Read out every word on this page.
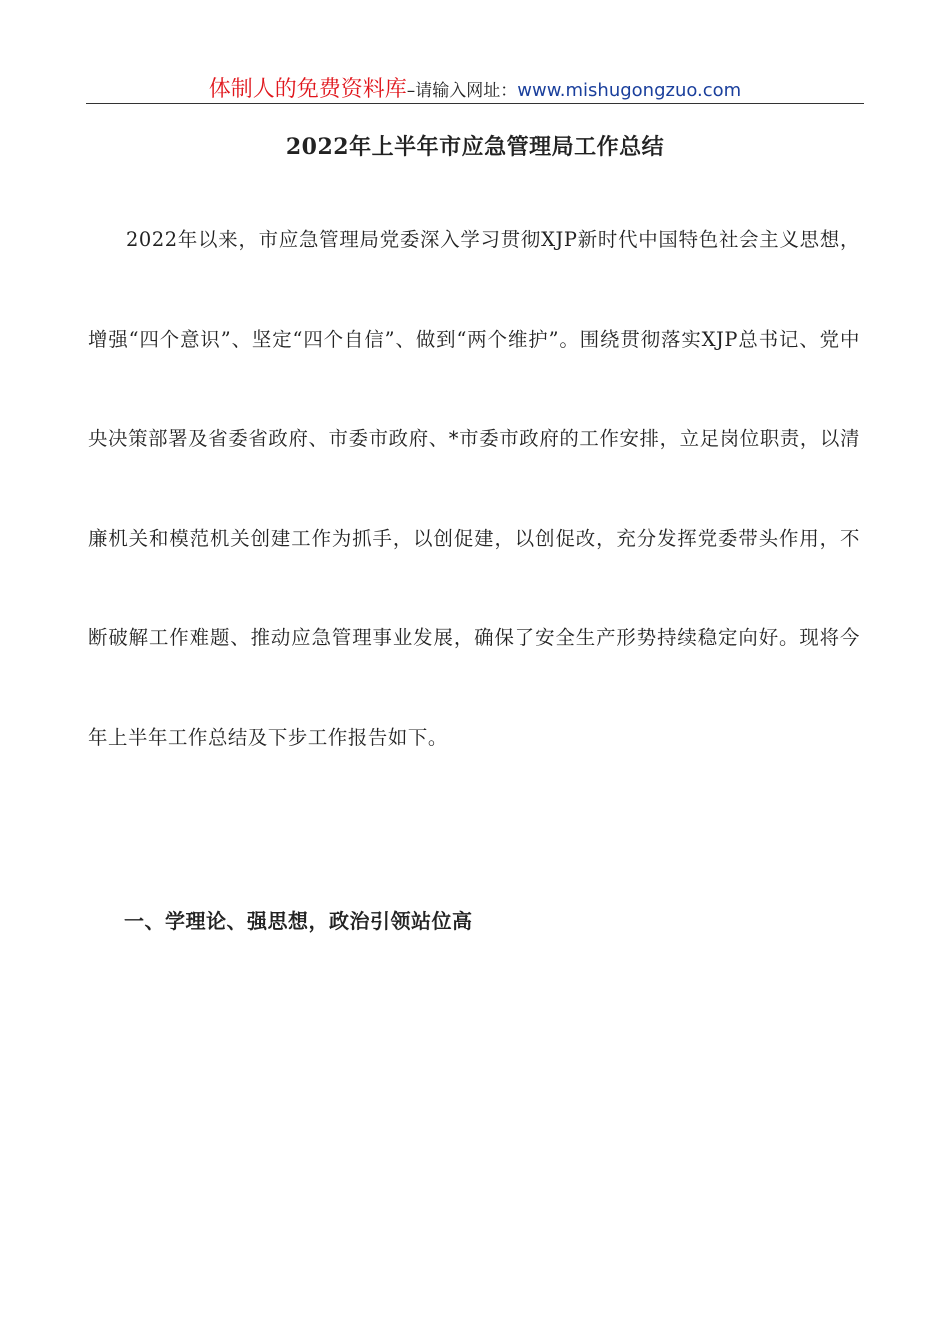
体制人的免费资料库–请输入网址：www.mishugongzuo.com
2022年上半年市应急管理局工作总结

2022年以来，市应急管理局党委深入学习贯彻XJP新时代中国特色社会主义思想，增强“四个意识”、坚定“四个自信”、做到“两个维护”。围绕贯彻落实XJP总书记、党中央决策部署及省委省政府、市委市政府、*市委市政府的工作安排，立足岗位职责，以清廉机关和模范机关创建工作为抓手，以创促建，以创促改，充分发挥党委带头作用，不断破解工作难题、推动应急管理事业发展，确保了安全生产形势持续稳定向好。现将今年上半年工作总结及下步工作报告如下。

一、学理论、强思想，政治引领站位高
